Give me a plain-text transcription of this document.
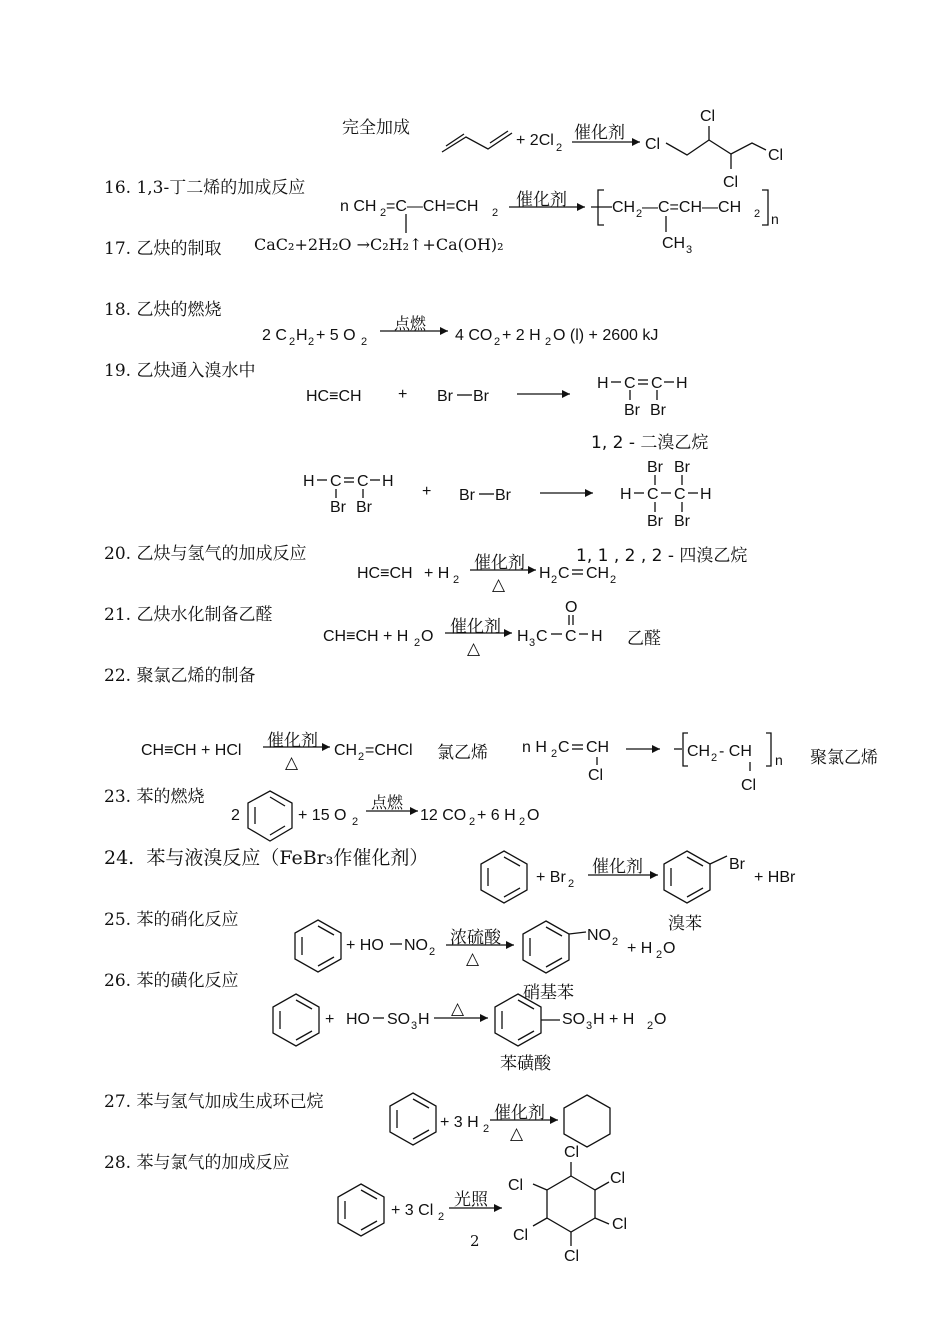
完全加成
+ 2Cl 2	Cl
Cl
Cl
Cl
n CH 2 =C—CH=CH 2	CH 2 —C=CH—CH 2 n
CH 3
2 C 2 H 2 + 5 O 2	4 CO 2 + 2 H 2 O (l) + 2600 kJ
HC≡CH + Br Br
H C C H
Br Br
H C C H
Br Br
+ Br Br
Br Br
H C C H
Br Br
HC≡CH + H 2	H 2 C CH 2
CH≡CH + H 2 O	H 3 C C H
O
CH≡CH + HCl	CH 2 =CHCl	n H 2 C CH
Cl
CH 2 - CH n
Cl
2	+ 15 O 2	12 CO 2 + 6 H 2 O
+ Br 2
Br
+ HBr
+ HO NO 2
NO 2 + H 2 O
+ HO SO 3 H	SO 3 H + H 2 O
+ 3 H 2
+ 3 Cl 2
Cl
Cl
Cl
Cl
Cl
Cl
16. 1,3-丁二烯的加成反应
17. 乙炔的制取
18. 乙炔的燃烧
19. 乙炔通入溴水中
20. 乙炔与氢气的加成反应
21. 乙炔水化制备乙醛
22. 聚氯乙烯的制备
23. 苯的燃烧
24. 苯与液溴反应（FeBr₃作催化剂）
25. 苯的硝化反应
26. 苯的磺化反应
27. 苯与氢气加成生成环己烷
28. 苯与氯气的加成反应
CaC₂+2H₂O →C₂H₂↑+Ca(OH)₂
催化剂
催化剂
点燃
催化剂
△
催化剂
△
催化剂
△
点燃
催化剂
浓硫酸
△
△
催化剂
△
光照
1, 2 - 二溴乙烷
1, 1 , 2 , 2 - 四溴乙烷
乙醛
氯乙烯	聚氯乙烯
溴苯
硝基苯
苯磺酸
2
